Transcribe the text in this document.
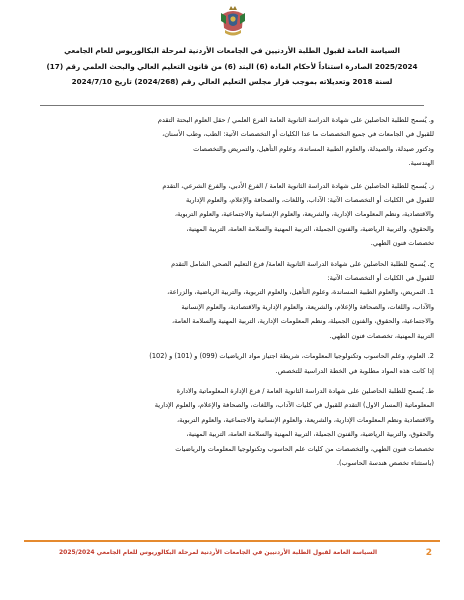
السياسة العامة لقبول الطلبة الأردنيين في الجامعات الأردنية لمرحلة البكالوريوس للعام الجامعي
2025/2024 الصادرة استناداً لأحكام المادة (6) البند (6) من قانون التعليم العالي والبحث العلمي رقم (17)
لسنة 2018 وتعديلاته بموجب قرار مجلس التعليم العالي رقم (2024/268) تاريخ 2024/7/10
و. يُسمح للطلبة الحاصلين على شهادة الدراسة الثانوية العامة الفرع العلمي / حقل العلوم البحتة التقدم
للقبول في الجامعات في جميع التخصصات ما عدا الكليات أو التخصصات الآتية: الطب، وطب الأسنان،
ودكتور صيدلة، والصيدلة، والعلوم الطبية المساندة، وعلوم التأهيل، والتمريض والتخصصات
الهندسية.
ز. يُسمح للطلبة الحاصلين على شهادة الدراسة الثانوية العامة / الفرع الأدبي، والفرع الشرعي، التقدم
للقبول في الكليات أو التخصصات الآتية: الآداب، واللغات، والصحافة والإعلام، والعلوم الإدارية
والاقتصادية، ونظم المعلومات الإدارية، والشريعة، والعلوم الإنسانية والاجتماعية، والعلوم التربوية،
والحقوق، والتربية الرياضية، والفنون الجميلة، التربية المهنية والسلامة العامة، التربية المهنية،
تخصصات فنون الطهي.
ح. يُسمح للطلبة الحاصلين على شهادة الدراسة الثانوية العامة/ فرع التعليم الصحي الشامل التقدم
للقبول في الكليات أو التخصصات الآتية:
1. التمريض، والعلوم الطبية المساندة، وعلوم التأهيل، والعلوم التربوية، والتربية الرياضية، والزراعة،
والآداب، واللغات، والصحافة والإعلام، والشريعة، والعلوم الإدارية والاقتصادية، والعلوم الإنسانية
والاجتماعية، والحقوق، والفنون الجميلة، ونظم المعلومات الإدارية، التربية المهنية والسلامة العامة،
التربية المهنية، تخصصات فنون الطهي.
2. العلوم، وعلم الحاسوب وتكنولوجيا المعلومات، شريطة اجتياز مواد الرياضيات (099) و (101) و (102)
إذا كانت هذه المواد مطلوبة في الخطة الدراسية للتخصص.
ط. يُسمح للطلبة الحاصلين على شهادة الدراسة الثانوية العامة / فرع الإدارة المعلوماتية والادارة
المعلوماتية (المسار الاول) التقدم للقبول في كليات الآداب، واللغات، والصحافة والإعلام، والعلوم الإدارية
والاقتصادية ونظم المعلومات الإدارية، والشريعة، والعلوم الإنسانية والاجتماعية، والعلوم التربوية،
والحقوق، والتربية الرياضية، والفنون الجميلة، التربية المهنية والسلامة العامة، التربية المهنية،
تخصصات فنون الطهي، والتخصصات من كليات علم الحاسوب وتكنولوجيا المعلومات والرياضيات
(باستثناء تخصص هندسة الحاسوب).
2
السياسة العامة لقبول الطلبة الأردنيين في الجامعات الأردنية لمرحلة البكالوريوس للعام الجامعي 2025/2024
